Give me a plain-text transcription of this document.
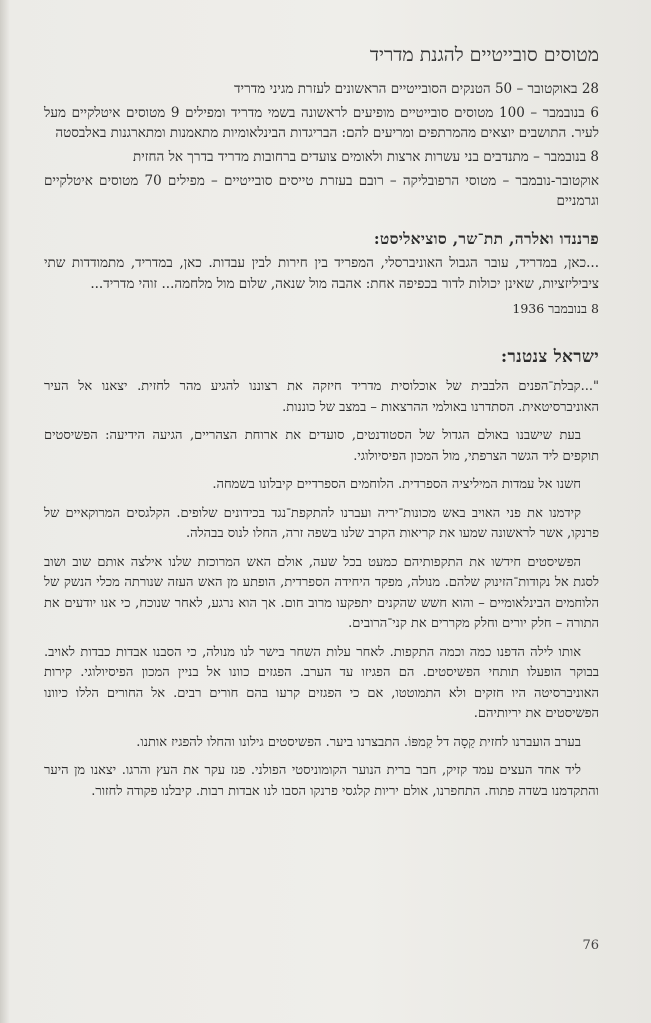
מטוסים סובייטיים להגנת מדריד

28 באוקטובר – 50 הטנקים הסובייטיים הראשונים לעזרת מגיני מדריד

6 בנובמבר – 100 מטוסים סובייטיים מופיעים לראשונה בשמי מדריד ומפילים 9 מטוסים איטלקיים מעל לעיר. התושבים יוצאים מהמרתפים ומריעים להם: הבריגדות הבינלאומיות מתאמנות ומתארגנות באלבסטה

8 בנובמבר – מתנדבים בני עשרות ארצות ולאומים צועדים ברחובות מדריד בדרך אל החזית

אוקטובר-נובמבר – מטוסי הרפובליקה – רובם בעזרת טייסים סובייטיים – מפילים 70 מטוסים איטלקיים וגרמניים

פרננדו ואלרה, תת־שר, סוציאליסט:

...כאן, במדריד, עובר הגבול האוניברסלי, המפריד בין חירות לבין עבדות. כאן, במדריד, מתמודדות שתי ציביליזציות, שאינן יכולות לדור בכפיפה אחת: אהבה מול שנאה, שלום מול מלחמה... זוהי מדריד...

8 בנובמבר 1936

ישראל צנטנר:

"...קבלת־הפנים הלבבית של אוכלוסית מדריד חיזקה את רצוננו להגיע מהר לחזית. יצאנו אל העיר האוניברסיטאית. הסתדרנו באולמי ההרצאות – במצב של כוננות.

בעת שישבנו באולם הגדול של הסטודנטים, סועדים את ארוחת הצהריים, הגיעה הידיעה: הפשיסטים תוקפים ליד הגשר הצרפתי, מול המכון הפיסיולוגי.

חשנו אל עמדות המיליציה הספרדית. הלוחמים הספרדיים קיבלונו בשמחה.

קידמנו את פני האויב באש מכונות־יריה ועברנו להתקפת־נגד בכידונים שלופים. הקלגסים המרוקאיים של פרנקו, אשר לראשונה שמעו את קריאות הקרב שלנו בשפה זרה, החלו לנוס בבהלה.

הפשיסטים חידשו את התקפותיהם כמעט בכל שעה, אולם האש המרוכזת שלנו אילצה אותם שוב ושוב לסגת אל נקודות־הזינוק שלהם. מנולה, מפקד היחידה הספרדית, הופתע מן האש העזה שנורתה מכלי הנשק של הלוחמים הבינלאומיים – והוא חשש שהקנים יתפקעו מרוב חום. אך הוא נרגע, לאחר שנוכח, כי אנו יודעים את התורה – חלק יורים וחלק מקררים את קני־הרובים.

אותו לילה הדפנו כמה וכמה התקפות. לאחר עלות השחר בישר לנו מנולה, כי הסבנו אבדות כבדות לאויב. בבוקר הופעלו תותחי הפשיסטים. הם הפגיזו עד הערב. הפגזים כוונו אל בניין המכון הפיסיולוגי. קירות האוניברסיטה היו חזקים ולא התמוטטו, אם כי הפגזים קרעו בהם חורים רבים. אל החורים הללו כיוונו הפשיסטים את יריותיהם.

בערב הועברנו לחזית קַסָה דל קַמפּוֹ. התבצרנו ביער. הפשיסטים גילונו והחלו להפגיז אותנו.

ליד אחד העצים עמד קזיק, חבר ברית הנוער הקומוניסטי הפולני. פגז עקר את העץ והרגו. יצאנו מן היער והתקדמנו בשדה פתוח. התחפרנו, אולם יריות קלגסי פרנקו הסבו לנו אבדות רבות. קיבלנו פקודה לחזור.

76
